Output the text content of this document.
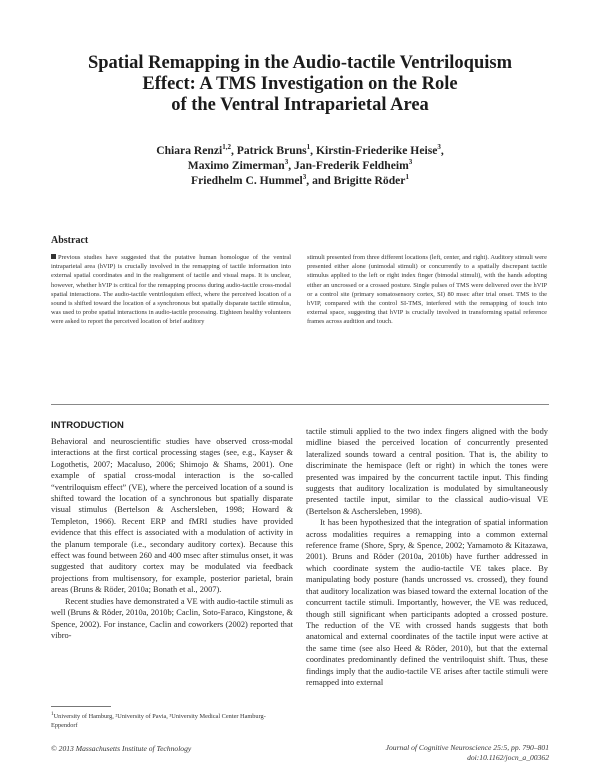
Spatial Remapping in the Audio-tactile Ventriloquism
Effect: A TMS Investigation on the Role
of the Ventral Intraparietal Area
Chiara Renzi$^{1,2}$, Patrick Bruns$^1$, Kirstin-Friederike Heise$^3$,
Maximo Zimerman$^3$, Jan-Frederik Feldheim$^3$
Friedhelm C. Hummel$^3$, and Brigitte Röder$^1$
Abstract
Previous studies have suggested that the putative human homologue of the ventral intraparietal area (hVIP) is crucially involved in the remapping of tactile information into external spatial coordinates and in the realignment of tactile and visual maps. It is unclear, however, whether hVIP is critical for the remapping process during audio-tactile cross-modal spatial interactions. The audio-tactile ventriloquism effect, where the perceived location of a sound is shifted toward the location of a synchronous but spatially disparate tactile stimulus, was used to probe spatial interactions in audio-tactile processing. Eighteen healthy volunteers were asked to report the perceived location of brief auditory
stimuli presented from three different locations (left, center, and right). Auditory stimuli were presented either alone (unimodal stimuli) or concurrently to a spatially discrepant tactile stimulus applied to the left or right index finger (bimodal stimuli), with the hands adopting either an uncrossed or a crossed posture. Single pulses of TMS were delivered over the hVIP or a control site (primary somatosensory cortex, SI) 80 msec after trial onset. TMS to the hVIP, compared with the control SI-TMS, interfered with the remapping of touch into external space, suggesting that hVIP is crucially involved in transforming spatial reference frames across audition and touch.
INTRODUCTION

Behavioral and neuroscientific studies have observed cross-modal interactions at the first cortical processing stages (see, e.g., Kayser & Logothetis, 2007; Macaluso, 2006; Shimojo & Shams, 2001). One example of spatial cross-modal interaction is the so-called “ventriloquism effect” (VE), where the perceived location of a sound is shifted toward the location of a synchronous but spatially disparate visual stimulus (Bertelson & Aschersleben, 1998; Howard & Templeton, 1966). Recent ERP and fMRI studies have provided evidence that this effect is associated with a modulation of activity in the planum temporale (i.e., secondary auditory cortex). Because this effect was found between 260 and 400 msec after stimulus onset, it was suggested that auditory cortex may be modulated via feedback projections from multisensory, for example, posterior parietal, brain areas (Bruns & Röder, 2010a; Bonath et al., 2007).

Recent studies have demonstrated a VE with audio-tactile stimuli as well (Bruns & Röder, 2010a, 2010b; Caclin, Soto-Faraco, Kingstone, & Spence, 2002). For instance, Caclin and coworkers (2002) reported that vibro-

tactile stimuli applied to the two index fingers aligned with the body midline biased the perceived location of concurrently presented lateralized sounds toward a central position. That is, the ability to discriminate the hemispace (left or right) in which the tones were presented was impaired by the concurrent tactile input. This finding suggests that auditory localization is modulated by simultaneously presented tactile input, similar to the classical audio-visual VE (Bertelson & Aschersleben, 1998).

It has been hypothesized that the integration of spatial information across modalities requires a remapping into a common external reference frame (Shore, Spry, & Spence, 2002; Yamamoto & Kitazawa, 2001). Bruns and Röder (2010a, 2010b) have further addressed in which coordinate system the audio-tactile VE takes place. By manipulating body posture (hands uncrossed vs. crossed), they found that auditory localization was biased toward the external location of the concurrent tactile stimuli. Importantly, however, the VE was reduced, though still significant when participants adopted a crossed posture. The reduction of the VE with crossed hands suggests that both anatomical and external coordinates of the tactile input were active at the same time (see also Heed & Röder, 2010), but that the external coordinates predominantly defined the ventriloquist shift. Thus, these findings imply that the audio-tactile VE arises after tactile stimuli were remapped into external

$^1$University of Hamburg, ²University of Pavia, ³University Medical Center Hamburg-Eppendorf
© 2013 Massachusetts Institute of Technology	Journal of Cognitive Neuroscience 25:5, pp. 790–801
doi:10.1162/jocn_a_00362
